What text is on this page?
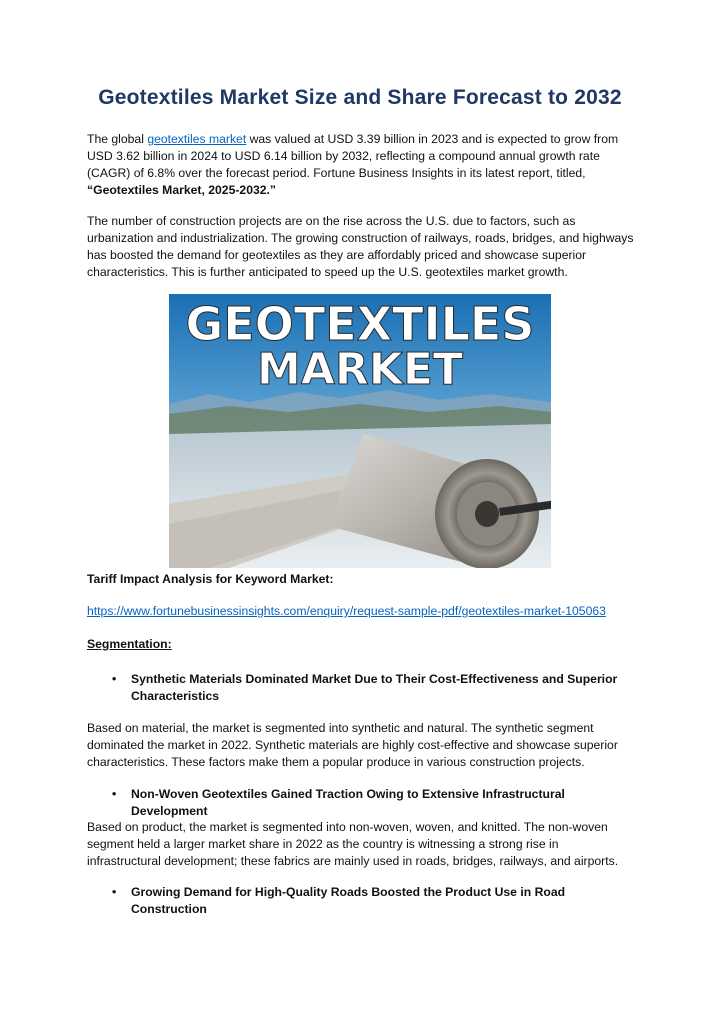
Geotextiles Market Size and Share Forecast to 2032

The global geotextiles market was valued at USD 3.39 billion in 2023 and is expected to grow from USD 3.62 billion in 2024 to USD 6.14 billion by 2032, reflecting a compound annual growth rate (CAGR) of 6.8% over the forecast period. Fortune Business Insights in its latest report, titled, “Geotextiles Market, 2025-2032.”

The number of construction projects are on the rise across the U.S. due to factors, such as urbanization and industrialization. The growing construction of railways, roads, bridges, and highways has boosted the demand for geotextiles as they are affordably priced and showcase superior characteristics. This is further anticipated to speed up the U.S. geotextiles market growth.

GEOTEXTILES
MARKET

Tariff Impact Analysis for Keyword Market:

https://www.fortunebusinessinsights.com/enquiry/request-sample-pdf/geotextiles-market-105063

Segmentation:

• Synthetic Materials Dominated Market Due to Their Cost-Effectiveness and Superior Characteristics

Based on material, the market is segmented into synthetic and natural. The synthetic segment dominated the market in 2022. Synthetic materials are highly cost-effective and showcase superior characteristics. These factors make them a popular produce in various construction projects.

• Non-Woven Geotextiles Gained Traction Owing to Extensive Infrastructural Development

Based on product, the market is segmented into non-woven, woven, and knitted. The non-woven segment held a larger market share in 2022 as the country is witnessing a strong rise in infrastructural development; these fabrics are mainly used in roads, bridges, railways, and airports.

• Growing Demand for High-Quality Roads Boosted the Product Use in Road Construction
